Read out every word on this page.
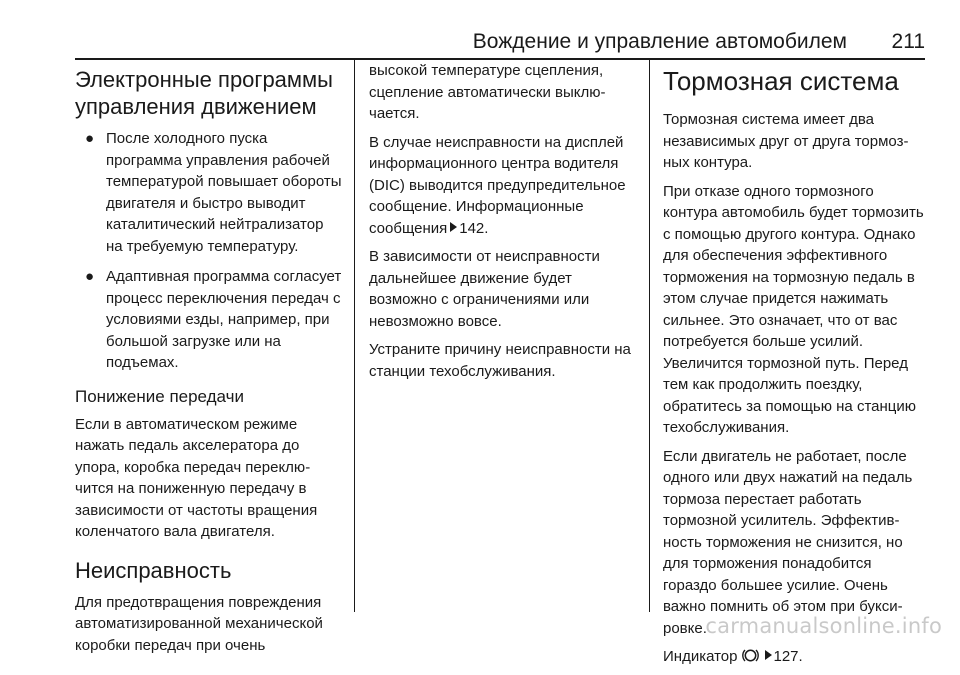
Вождение и управление автомобилем 211
Электронные программы управления движением
● После холодного пуска программа управления рабочей температурой повышает обороты двигателя и быстро выводит каталитический нейтрализатор на требуемую температуру.
● Адаптивная программа согласует процесс переключения передач с условиями езды, например, при большой загрузке или на подъемах.
Понижение передачи

Если в автоматическом режиме нажать педаль акселератора до упора, коробка передач переключится на пониженную передачу в зависимости от частоты вращения коленчатого вала двигателя.

Неисправность

Для предотвращения повреждения автоматизированной механической коробки передач при очень

высокой температуре сцепления, сцепление автоматически выключается.

В случае неисправности на дисплей информационного центра водителя (DIC) выводится предупредительное сообщение. Информационные сообщения 142.

В зависимости от неисправности дальнейшее движение будет возможно с ограничениями или невозможно вовсе.

Устраните причину неисправности на станции техобслуживания.

Тормозная система

Тормозная система имеет два независимых друг от друга тормозных контура.

При отказе одного тормозного контура автомобиль будет тормозить с помощью другого контура. Однако для обеспечения эффективного торможения на тормозную педаль в этом случае придется нажимать сильнее. Это означает, что от вас потребуется больше усилий. Увеличится тормозной путь. Перед тем как продолжить поездку, обратитесь за помощью на станцию техобслуживания.

Если двигатель не работает, после одного или двух нажатий на педаль тормоза перестает работать тормозной усилитель. Эффективность торможения не снизится, но для торможения понадобится гораздо большее усилие. Очень важно помнить об этом при буксировке.

Индикатор 127.

carmanualsonline.info
